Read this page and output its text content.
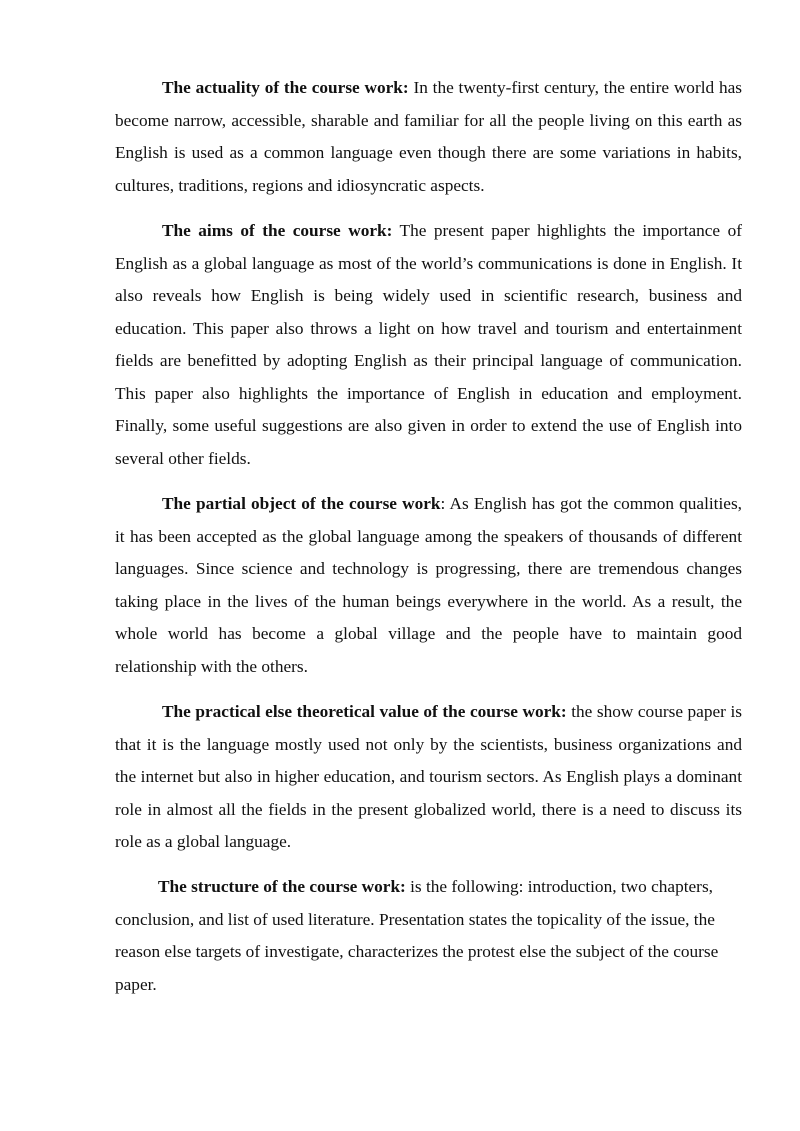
The actuality of the course work: In the twenty-first century, the entire world has become narrow, accessible, sharable and familiar for all the people living on this earth as English is used as a common language even though there are some variations in habits, cultures, traditions, regions and idiosyncratic aspects.

The aims of the course work: The present paper highlights the importance of English as a global language as most of the world’s communications is done in English. It also reveals how English is being widely used in scientific research, business and education. This paper also throws a light on how travel and tourism and entertainment fields are benefitted by adopting English as their principal language of communication. This paper also highlights the importance of English in education and employment. Finally, some useful suggestions are also given in order to extend the use of English into several other fields.

The partial object of the course work: As English has got the common qualities, it has been accepted as the global language among the speakers of thousands of different languages. Since science and technology is progressing, there are tremendous changes taking place in the lives of the human beings everywhere in the world. As a result, the whole world has become a global village and the people have to maintain good relationship with the others.

The practical else theoretical value of the course work: the show course paper is that it is the language mostly used not only by the scientists, business organizations and the internet but also in higher education, and tourism sectors. As English plays a dominant role in almost all the fields in the present globalized world, there is a need to discuss its role as a global language.

The structure of the course work: is the following: introduction, two chapters, conclusion, and list of used literature. Presentation states the topicality of the issue, the reason else targets of investigate, characterizes the protest else the subject of the course paper.
